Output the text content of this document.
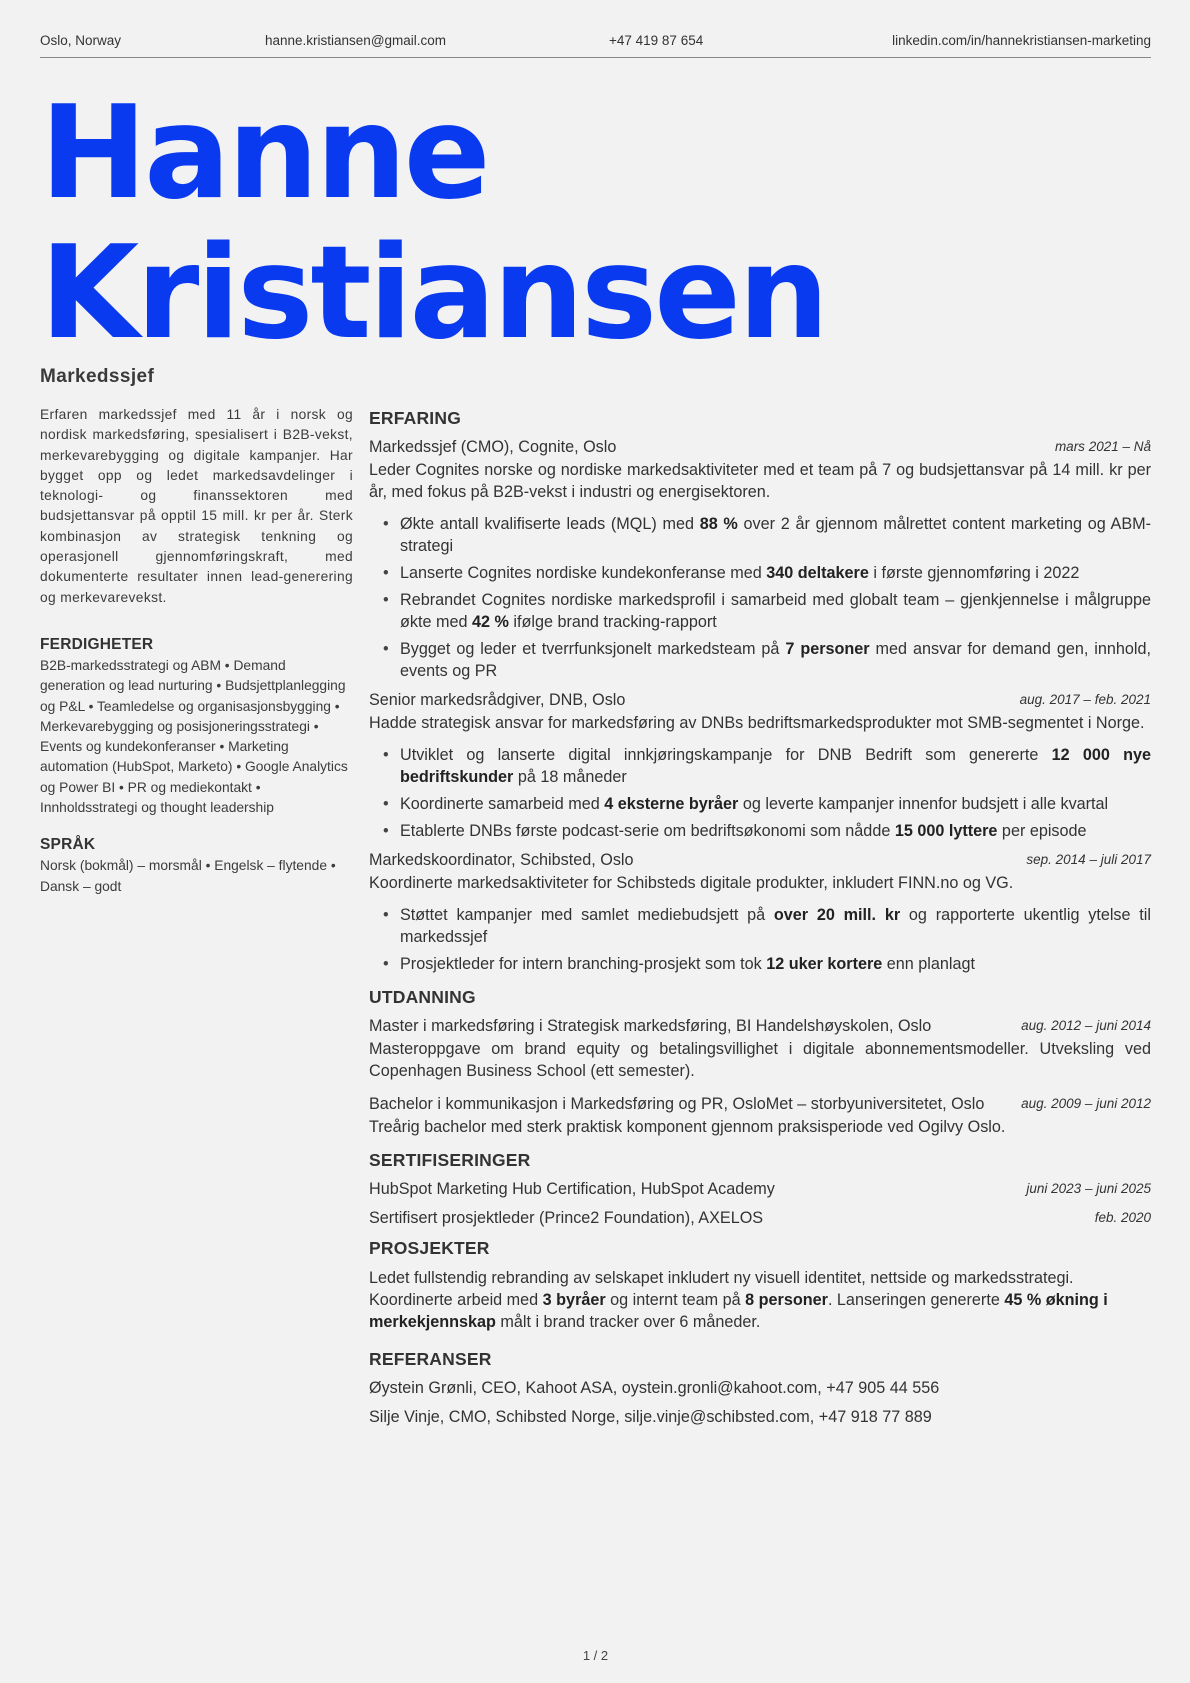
Oslo, Norway	hanne.kristiansen@gmail.com	+47 419 87 654	linkedin.com/in/hannekristiansen-marketing
Hanne
Kristiansen
Markedssjef

Erfaren markedssjef med 11 år i norsk og nordisk markedsføring, spesialisert i B2B-vekst, merkevarebygging og digitale kampanjer. Har bygget opp og ledet markedsavdelinger i teknologi- og finanssektoren med budsjettansvar på opptil 15 mill. kr per år. Sterk kombinasjon av strategisk tenkning og operasjonell gjennomføringskraft, med dokumenterte resultater innen lead-generering og merkevarevekst.

FERDIGHETER

B2B-markedsstrategi og ABM • Demand generation og lead nurturing • Budsjettplanlegging og P&L • Teamledelse og organisasjonsbygging • Merkevarebygging og posisjoneringsstrategi • Events og kundekonferanser • Marketing automation (HubSpot, Marketo) • Google Analytics og Power BI • PR og mediekontakt • Innholdsstrategi og thought leadership

SPRÅK

Norsk (bokmål) – morsmål • Engelsk – flytende • Dansk – godt

ERFARING
Markedssjef (CMO), Cognite, Oslo	mars 2021 – Nå

Leder Cognites norske og nordiske markedsaktiviteter med et team på 7 og budsjettansvar på 14 mill. kr per år, med fokus på B2B-vekst i industri og energisektoren.

• Økte antall kvalifiserte leads (MQL) med 88 % over 2 år gjennom målrettet content marketing og ABM-strategi
• Lanserte Cognites nordiske kundekonferanse med 340 deltakere i første gjennomføring i 2022
• Rebrandet Cognites nordiske markedsprofil i samarbeid med globalt team – gjenkjennelse i målgruppe økte med 42 % ifølge brand tracking-rapport
• Bygget og leder et tverrfunksjonelt markedsteam på 7 personer med ansvar for demand gen, innhold, events og PR
Senior markedsrådgiver, DNB, Oslo	aug. 2017 – feb. 2021

Hadde strategisk ansvar for markedsføring av DNBs bedriftsmarkedsprodukter mot SMB-segmentet i Norge.

• Utviklet og lanserte digital innkjøringskampanje for DNB Bedrift som genererte 12 000 nye bedriftskunder på 18 måneder
• Koordinerte samarbeid med 4 eksterne byråer og leverte kampanjer innenfor budsjett i alle kvartal
• Etablerte DNBs første podcast-serie om bedriftsøkonomi som nådde 15 000 lyttere per episode
Markedskoordinator, Schibsted, Oslo	sep. 2014 – juli 2017

Koordinerte markedsaktiviteter for Schibsteds digitale produkter, inkludert FINN.no og VG.

• Støttet kampanjer med samlet mediebudsjett på over 20 mill. kr og rapporterte ukentlig ytelse til markedssjef
• Prosjektleder for intern branching-prosjekt som tok 12 uker kortere enn planlagt
UTDANNING
Master i markedsføring i Strategisk markedsføring, BI Handelshøyskolen, Oslo	aug. 2012 – juni 2014

Masteroppgave om brand equity og betalingsvillighet i digitale abonnementsmodeller. Utveksling ved Copenhagen Business School (ett semester).

Bachelor i kommunikasjon i Markedsføring og PR, OsloMet – storbyuniversitetet, Oslo	aug. 2009 – juni 2012

Treårig bachelor med sterk praktisk komponent gjennom praksisperiode ved Ogilvy Oslo.

SERTIFISERINGER
HubSpot Marketing Hub Certification, HubSpot Academy	juni 2023 – juni 2025
Sertifisert prosjektleder (Prince2 Foundation), AXELOS	feb. 2020
PROSJEKTER

Ledet fullstendig rebranding av selskapet inkludert ny visuell identitet, nettside og markedsstrategi. Koordinerte arbeid med 3 byråer og internt team på 8 personer. Lanseringen genererte 45 % økning i merkekjennskap målt i brand tracker over 6 måneder.

REFERANSER
Øystein Grønli, CEO, Kahoot ASA, oystein.gronli@kahoot.com, +47 905 44 556
Silje Vinje, CMO, Schibsted Norge, silje.vinje@schibsted.com, +47 918 77 889
1 / 2
